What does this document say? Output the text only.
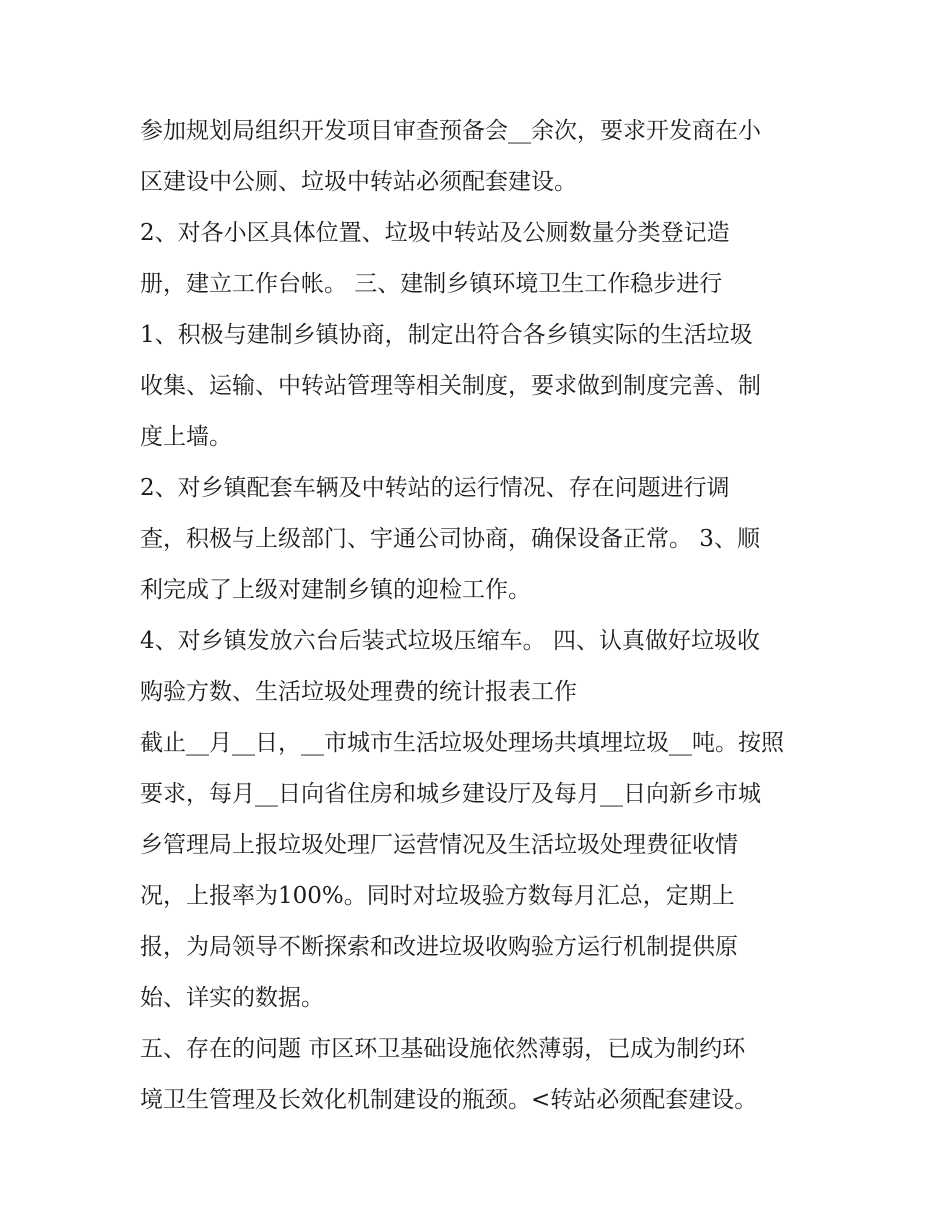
参加规划局组织开发项目审查预备会__余次，要求开发商在小
区建设中公厕、垃圾中转站必须配套建设。
2、对各小区具体位置、垃圾中转站及公厕数量分类登记造
册，建立工作台帐。 三、建制乡镇环境卫生工作稳步进行
1、积极与建制乡镇协商，制定出符合各乡镇实际的生活垃圾
收集、运输、中转站管理等相关制度，要求做到制度完善、制
度上墙。
2、对乡镇配套车辆及中转站的运行情况、存在问题进行调
查，积极与上级部门、宇通公司协商，确保设备正常。 3、顺
利完成了上级对建制乡镇的迎检工作。
4、对乡镇发放六台后装式垃圾压缩车。 四、认真做好垃圾收
购验方数、生活垃圾处理费的统计报表工作
截止__月__日，__市城市生活垃圾处理场共填埋垃圾__吨。按照
要求，每月__日向省住房和城乡建设厅及每月__日向新乡市城
乡管理局上报垃圾处理厂运营情况及生活垃圾处理费征收情
况，上报率为100%。同时对垃圾验方数每月汇总，定期上
报，为局领导不断探索和改进垃圾收购验方运行机制提供原
始、详实的数据。
五、存在的问题 市区环卫基础设施依然薄弱，已成为制约环
境卫生管理及长效化机制建设的瓶颈。<转站必须配套建设。
